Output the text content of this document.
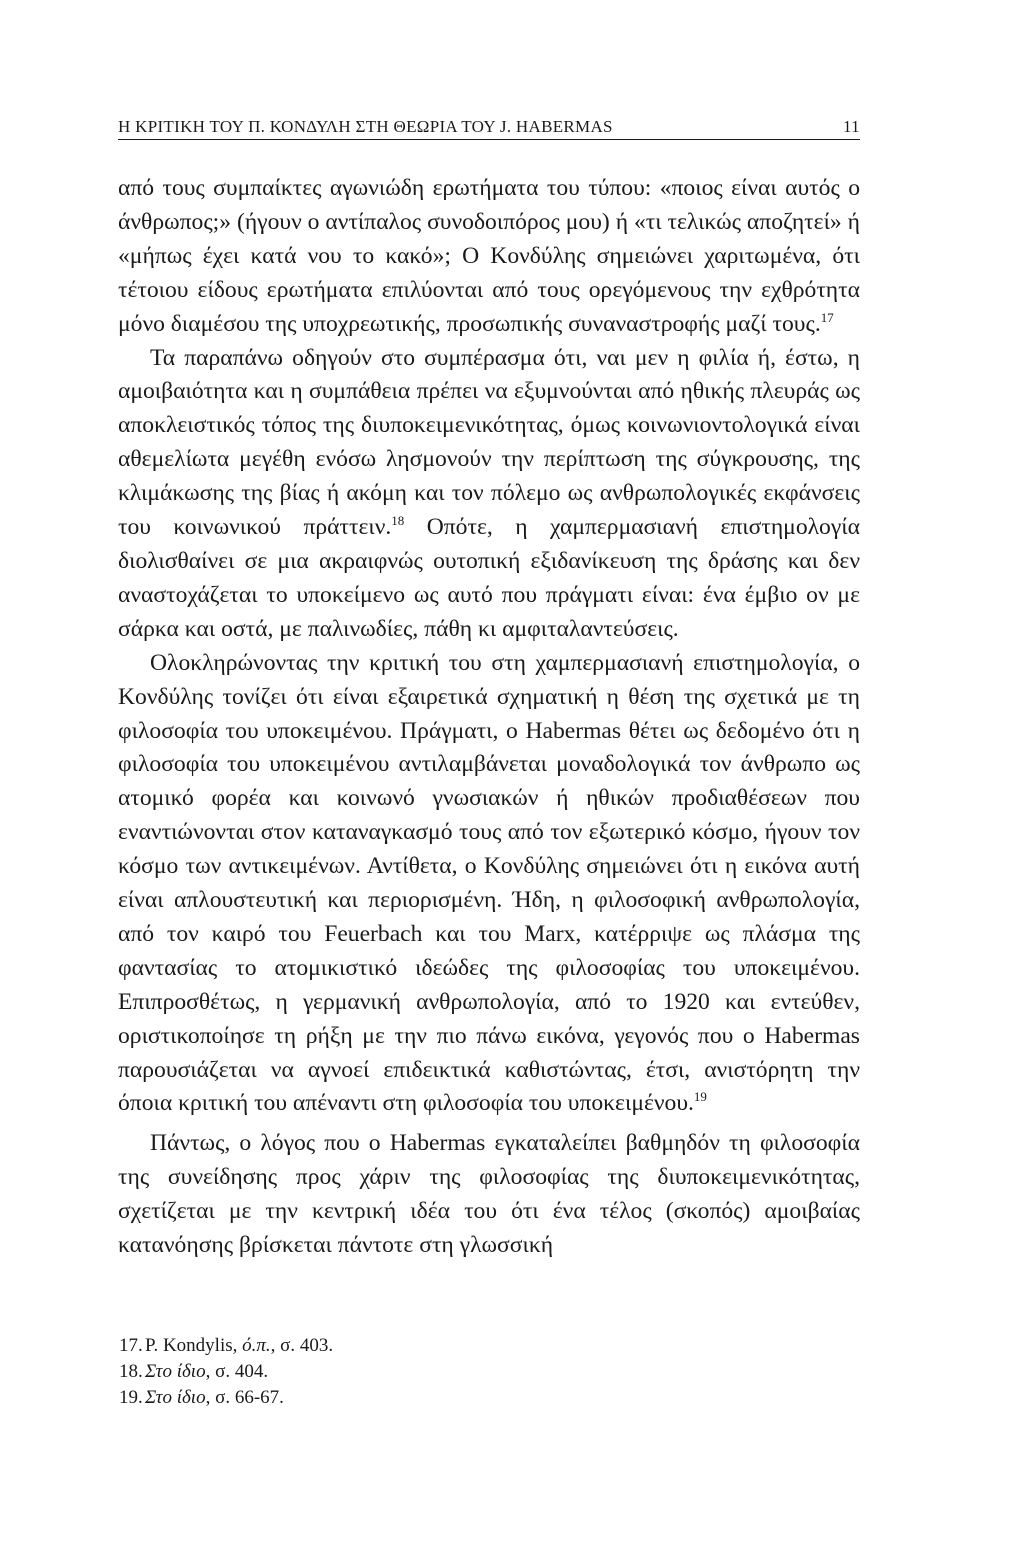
Η ΚΡΙΤΙΚΗ ΤΟΥ Π. ΚΟΝΔΥΛΗ ΣΤΗ ΘΕΩΡΙΑ ΤΟΥ J. HABERMAS	11

από τους συμπαίκτες αγωνιώδη ερωτήματα του τύπου: «ποιος είναι αυτός ο άνθρωπος;» (ήγουν ο αντίπαλος συνοδοιπόρος μου) ή «τι τελικώς αποζητεί» ή «μήπως έχει κατά νου το κακό»; Ο Κονδύλης σημειώνει χαριτωμένα, ότι τέτοιου είδους ερωτήματα επιλύονται από τους ορεγόμενους την εχθρότητα μόνο διαμέσου της υποχρεωτικής, προσωπικής συναναστροφής μαζί τους.$^{17}$

Τα παραπάνω οδηγούν στο συμπέρασμα ότι, ναι μεν η φιλία ή, έστω, η αμοιβαιότητα και η συμπάθεια πρέπει να εξυμνούνται από ηθικής πλευράς ως αποκλειστικός τόπος της διυποκειμενικότητας, όμως κοινωνιοντολογικά είναι αθεμελίωτα μεγέθη ενόσω λησμονούν την περίπτωση της σύγκρουσης, της κλιμάκωσης της βίας ή ακόμη και τον πόλεμο ως ανθρωπολογικές εκφάνσεις του κοινωνικού πράττειν.$^{18}$ Οπότε, η χαμπερμασιανή επιστημολογία διολισθαίνει σε μια ακραιφνώς ουτοπική εξιδανίκευση της δράσης και δεν αναστοχάζεται το υποκείμενο ως αυτό που πράγματι είναι: ένα έμβιο ον με σάρκα και οστά, με παλινωδίες, πάθη κι αμφιταλαντεύσεις.

Ολοκληρώνοντας την κριτική του στη χαμπερμασιανή επιστημολογία, ο Κονδύλης τονίζει ότι είναι εξαιρετικά σχηματική η θέση της σχετικά με τη φιλοσοφία του υποκειμένου. Πράγματι, ο Habermas θέτει ως δεδομένο ότι η φιλοσοφία του υποκειμένου αντιλαμβάνεται μοναδολογικά τον άνθρωπο ως ατομικό φορέα και κοινωνό γνωσιακών ή ηθικών προδιαθέσεων που εναντιώνονται στον καταναγκασμό τους από τον εξωτερικό κόσμο, ήγουν τον κόσμο των αντικειμένων. Αντίθετα, ο Κονδύλης σημειώνει ότι η εικόνα αυτή είναι απλουστευτική και περιορισμένη. Ήδη, η φιλοσοφική ανθρωπολογία, από τον καιρό του Feuerbach και του Marx, κατέρριψε ως πλάσμα της φαντασίας το ατομικιστικό ιδεώδες της φιλοσοφίας του υποκειμένου. Επιπροσθέτως, η γερμανική ανθρωπολογία, από το 1920 και εντεύθεν, οριστικοποίησε τη ρήξη με την πιο πάνω εικόνα, γεγονός που ο Habermas παρουσιάζεται να αγνοεί επιδεικτικά καθιστώντας, έτσι, ανιστόρητη την όποια κριτική του απέναντι στη φιλοσοφία του υποκειμένου.$^{19}$

Πάντως, ο λόγος που ο Habermas εγκαταλείπει βαθμηδόν τη φιλοσοφία της συνείδησης προς χάριν της φιλοσοφίας της διυποκειμενικότητας, σχετίζεται με την κεντρική ιδέα του ότι ένα τέλος (σκοπός) αμοιβαίας κατανόησης βρίσκεται πάντοτε στη γλωσσική

17. P. Kondylis, ό.π., σ. 403.
18. Στο ίδιο, σ. 404.
19. Στο ίδιο, σ. 66-67.
